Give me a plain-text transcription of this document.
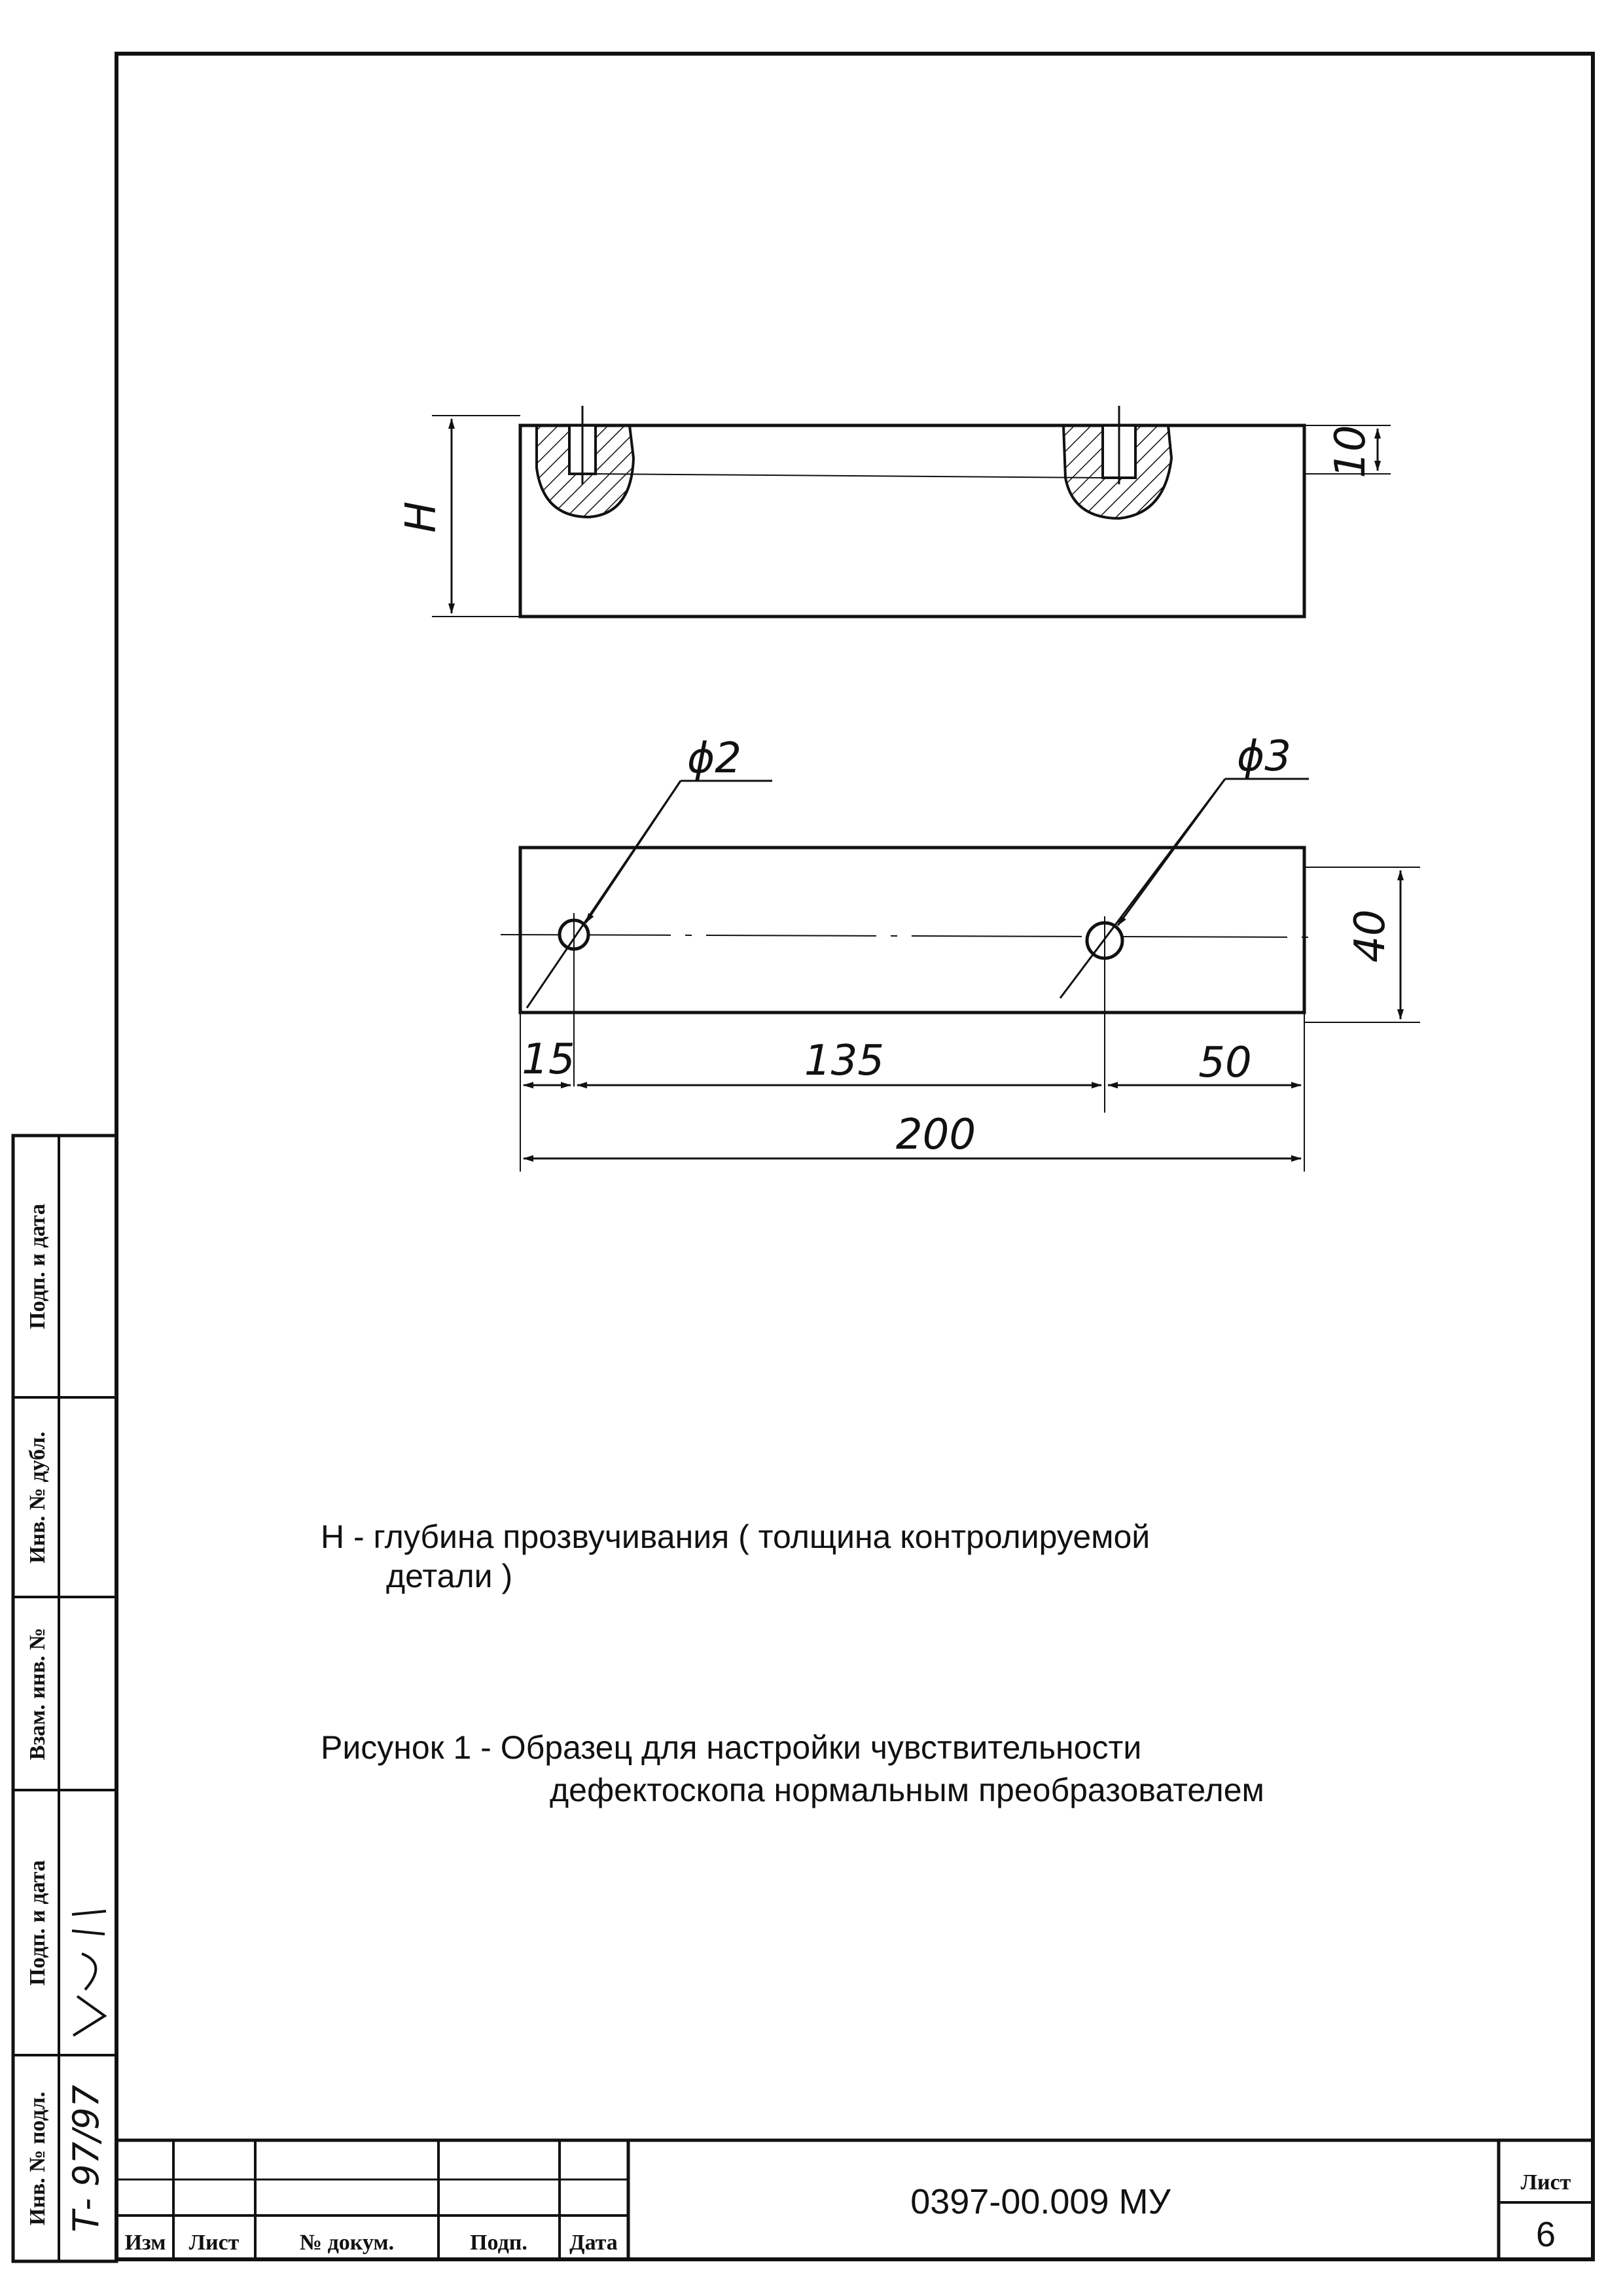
H
10
ϕ2	ϕ3
40
15	135	50
200
Инв. № подл.
Подп. и дата
Взам. инв. №
Инв. № дубл.
Подп. и дата
Т- 97/97
Изм Лист	№ докум.	Подп. Дата
0397-00.009 МУ	Лист
6
H - глубина прозвучивания ( толщина контролируемой
детали )
Рисунок 1 - Образец для настройки чувствительности
дефектоскопа нормальным преобразователем
